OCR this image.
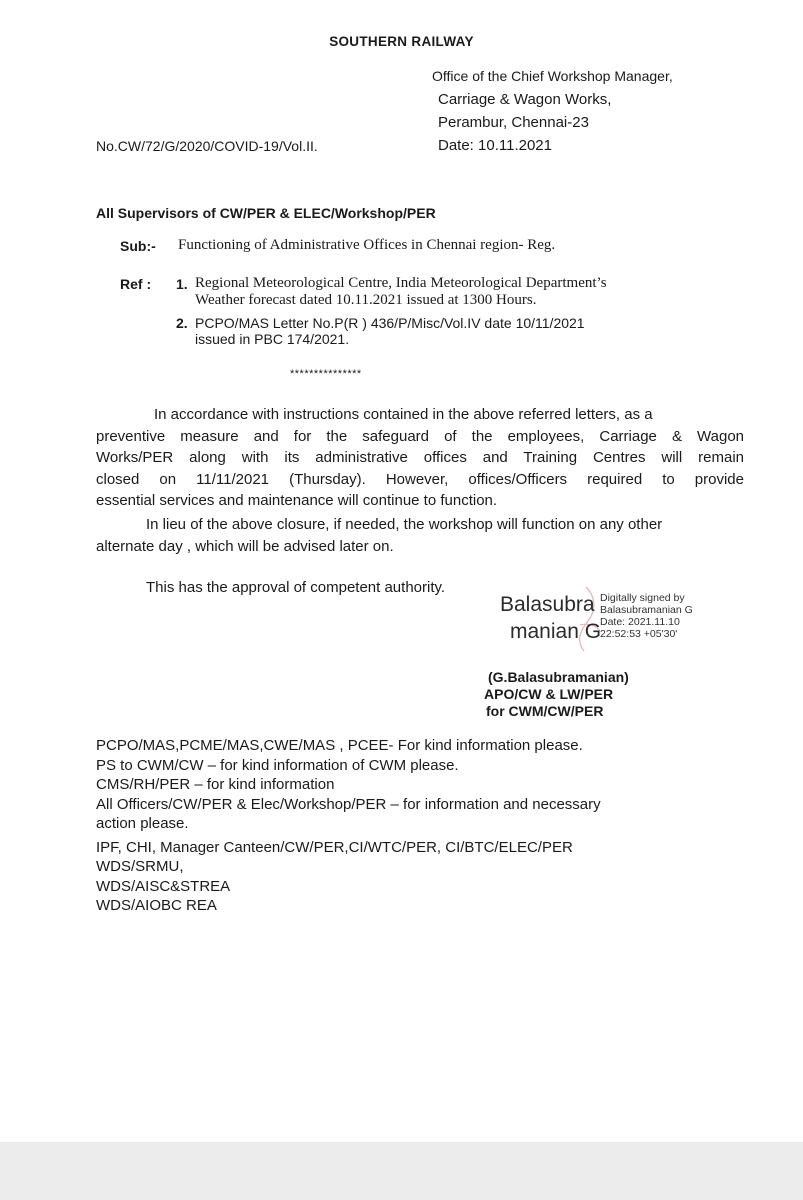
SOUTHERN RAILWAY
Office of the Chief Workshop Manager,
Carriage & Wagon Works,
Perambur, Chennai-23
Date: 10.11.2021
No.CW/72/G/2020/COVID-19/Vol.II.
All Supervisors of CW/PER & ELEC/Workshop/PER
Sub:- Functioning of Administrative Offices in Chennai region- Reg.
Ref : 1. Regional Meteorological Centre, India Meteorological Department’s
Weather forecast dated 10.11.2021 issued at 1300 Hours.
2. PCPO/MAS Letter No.P(R ) 436/P/Misc/Vol.IV date 10/11/2021
issued in PBC 174/2021.
***************
In accordance with instructions contained in the above referred letters, as a
preventive measure and for the safeguard of the employees, Carriage & Wagon
Works/PER along with its administrative offices and Training Centres will remain
closed on 11/11/2021 (Thursday). However, offices/Officers required to provide
essential services and maintenance will continue to function.
In lieu of the above closure, if needed, the workshop will function on any other
alternate day , which will be advised later on.
This has the approval of competent authority.
Balasubra
manian G
Digitally signed by
Balasubramanian G
Date: 2021.11.10
22:52:53 +05'30'
(G.Balasubramanian)
APO/CW & LW/PER
for CWM/CW/PER
PCPO/MAS,PCME/MAS,CWE/MAS , PCEE- For kind information please.
PS to CWM/CW – for kind information of CWM please.
CMS/RH/PER – for kind information
All Officers/CW/PER & Elec/Workshop/PER – for information and necessary
action please.
IPF, CHI, Manager Canteen/CW/PER,CI/WTC/PER, CI/BTC/ELEC/PER
WDS/SRMU,
WDS/AISC&STREA
WDS/AIOBC REA
